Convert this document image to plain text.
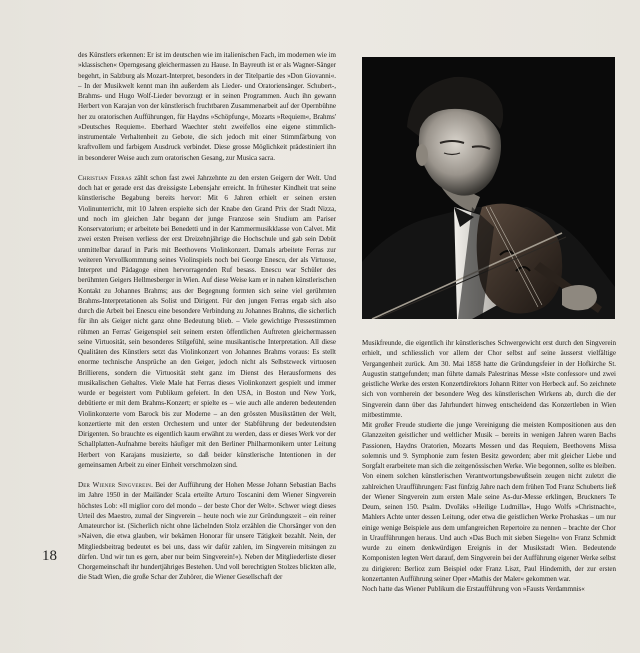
des Künstlers erkennen: Er ist im deutschen wie im italienischen Fach, im modernen wie im »klassischen« Operngesang gleichermassen zu Hause. In Bayreuth ist er als Wagner-Sänger begehrt, in Salzburg als Mozart-Interpret, besonders in der Titelpartie des »Don Giovanni«. – In der Musikwelt kennt man ihn außerdem als Lieder- und Oratoriensänger. Schubert-, Brahms- und Hugo Wolf-Lieder bevorzugt er in seinen Programmen. Auch ihn gewann Herbert von Karajan von der künstlerisch fruchtbaren Zusammenarbeit auf der Opernbühne her zu oratorischen Aufführungen, für Haydns »Schöpfung«, Mozarts »Requiem«, Brahms' »Deutsches Requiem«. Eberhard Waechter steht zweifellos eine eigene stimmlich-instrumentale Verhaltenheit zu Gebote, die sich jedoch mit einer Stimmfärbung von kraftvollem und farbigem Ausdruck verbindet. Diese grosse Möglichkeit prädestiniert ihn in besonderer Weise auch zum oratorischen Gesang, zur Musica sacra.

Christian Ferras zählt schon fast zwei Jahrzehnte zu den ersten Geigern der Welt. Und doch hat er gerade erst das dreissigste Lebensjahr erreicht. In frühester Kindheit trat seine künstlerische Begabung bereits hervor: Mit 6 Jahren erhielt er seinen ersten Violinunterricht, mit 10 Jahren erspielte sich der Knabe den Grand Prix der Stadt Nizza, und noch im gleichen Jahr begann der junge Franzose sein Studium am Pariser Konservatorium; er arbeitete bei Benedetti und in der Kammermusikklasse von Calvet. Mit zwei ersten Preisen verliess der erst Dreizehnjährige die Hochschule und gab sein Debüt unmittelbar darauf in Paris mit Beethovens Violinkonzert. Damals arbeitete Ferras zur weiteren Vervollkommnung seines Violinspiels noch bei George Enescu, der als Virtuose, Interpret und Pädagoge einen hervorragenden Ruf besass. Enescu war Schüler des berühmten Geigers Hellmesberger in Wien. Auf diese Weise kam er in nahen künstlerischen Kontakt zu Johannes Brahms; aus der Begegnung formten sich seine viel gerühmten Brahms-Interpretationen als Solist und Dirigent. Für den jungen Ferras ergab sich also durch die Arbeit bei Enescu eine besondere Verbindung zu Johannes Brahms, die sicherlich für ihn als Geiger nicht ganz ohne Bedeutung blieb. – Viele gewichtige Pressestimmen rühmen an Ferras' Geigenspiel seit seinem ersten öffentlichen Auftreten gleichermassen seine Virtuosität, sein besonderes Stilgefühl, seine musikantische Interpretation. All diese Qualitäten des Künstlers setzt das Violinkonzert von Johannes Brahms voraus: Es stellt enorme technische Ansprüche an den Geiger, jedoch nicht als Selbstzweck virtuosen Brillierens, sondern die Virtuosität steht ganz im Dienst des Herausformens des musikalischen Gehaltes. Viele Male hat Ferras dieses Violinkonzert gespielt und immer wurde er begeistert vom Publikum gefeiert. In den USA, in Boston und New York, debütierte er mit dem Brahms-Konzert; er spielte es – wie auch alle anderen bedeutenden Violinkonzerte vom Barock bis zur Moderne – an den grössten Musikstätten der Welt, konzertierte mit den ersten Orchestern und unter der Stabführung der bedeutendsten Dirigenten. So brauchte es eigentlich kaum erwähnt zu werden, dass er dieses Werk vor der Schallplatten-Aufnahme bereits häufiger mit den Berliner Philharmonikern unter Leitung Herbert von Karajans musizierte, so daß beider künstlerische Intentionen in der gemeinsamen Arbeit zu einer Einheit verschmolzen sind.

Der Wiener Singverein. Bei der Aufführung der Hohen Messe Johann Sebastian Bachs im Jahre 1950 in der Mailänder Scala erteilte Arturo Toscanini dem Wiener Singverein höchstes Lob: »Il miglior coro del mondo – der beste Chor der Welt«. Schwer wiegt dieses Urteil des Maestro, zumal der Singverein – heute noch wie zur Gründungszeit – ein reiner Amateurchor ist. (Sicherlich nicht ohne lächelnden Stolz erzählen die Chorsänger von den »Naiven, die etwa glauben, wir bekämen Honorar für unsere Tätigkeit bezahlt. Nein, der Mitgliedsbeitrag bedeutet es bei uns, dass wir dafür zahlen, im Singverein mitsingen zu dürfen. Und wir tun es gern, aber nur beim Singverein!«). Neben der Mitgliederliste dieser Chorgemeinschaft ihr hundertjähriges Bestehen. Und voll berechtigten Stolzes blickten alle, die Stadt Wien, die große Schar der Zuhörer, die Wiener Gesellschaft der

18

Musikfreunde, die eigentlich ihr künstlerisches Schwergewicht erst durch den Singverein erhielt, und schliesslich vor allem der Chor selbst auf seine äusserst vielfältige Vergangenheit zurück. Am 30. Mai 1858 hatte die Gründungsfeier in der Hofkirche St. Augustin stattgefunden; man führte damals Palestrinas Messe »Iste confessor« und zwei geistliche Werke des ersten Konzertdirektors Johann Ritter von Herbeck auf. So zeichnete sich von vornherein der besondere Weg des künstlerischen Wirkens ab, durch die der Singverein dann über das Jahrhundert hinweg entscheidend das Konzertleben in Wien mitbestimmte.

Mit großer Freude studierte die junge Vereinigung die meisten Kompositionen aus den Glanzzeiten geistlicher und weltlicher Musik – bereits in wenigen Jahren waren Bachs Passionen, Haydns Oratorien, Mozarts Messen und das Requiem, Beethovens Missa solemnis und 9. Symphonie zum festen Besitz geworden; aber mit gleicher Liebe und Sorgfalt erarbeitete man sich die zeitgenössischen Werke. Wie begonnen, sollte es bleiben. Von einem solchen künstlerischen Verantwortungsbewußtsein zeugen nicht zuletzt die zahlreichen Uraufführungen: Fast fünfzig Jahre nach dem frühen Tod Franz Schuberts ließ der Wiener Singverein zum ersten Male seine As-dur-Messe erklingen, Bruckners Te Deum, seinen 150. Psalm. Dvořáks »Heilige Ludmilla«, Hugo Wolfs »Christnacht«, Mahlers Achte unter dessen Leitung, oder etwa die geistlichen Werke Prohaskas – um nur einige wenige Beispiele aus dem umfangreichen Repertoire zu nennen – brachte der Chor in Uraufführungen heraus. Und auch »Das Buch mit sieben Siegeln« von Franz Schmidt wurde zu einem denkwürdigen Ereignis in der Musikstadt Wien. Bedeutende Komponisten legten Wert darauf, dem Singverein bei der Aufführung eigener Werke selbst zu dirigieren: Berlioz zum Beispiel oder Franz Liszt, Paul Hindemith, der zur ersten konzertanten Aufführung seiner Oper »Mathis der Maler« gekommen war.

Noch hatte das Wiener Publikum die Erstaufführung von »Fausts Verdammnis«
